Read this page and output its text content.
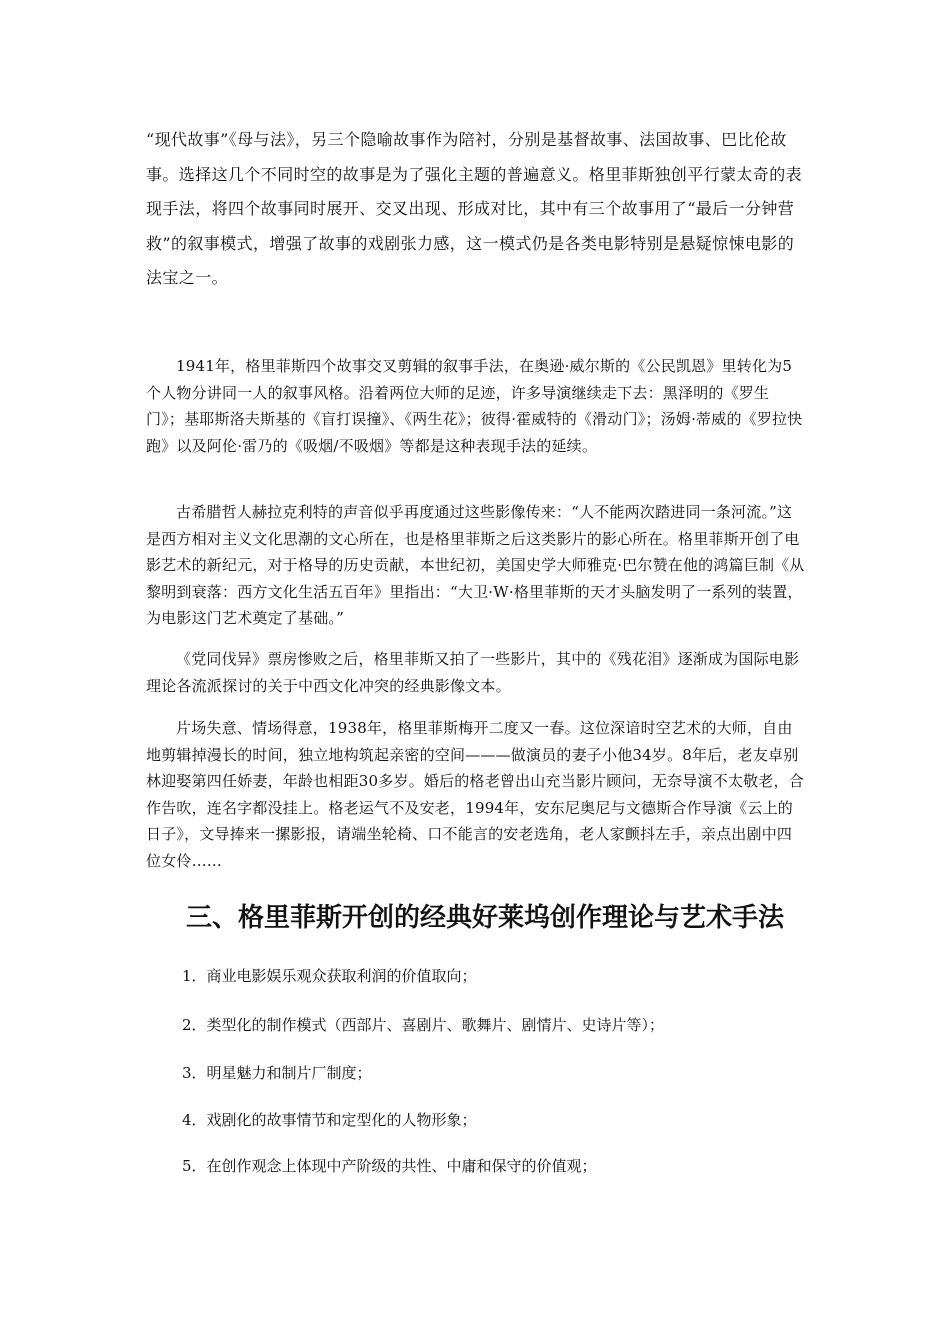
“现代故事”《母与法》，另三个隐喻故事作为陪衬，分别是基督故事、法国故事、巴比伦故事。选择这几个不同时空的故事是为了强化主题的普遍意义。格里菲斯独创平行蒙太奇的表现手法，将四个故事同时展开、交叉出现、形成对比，其中有三个故事用了“最后一分钟营救”的叙事模式，增强了故事的戏剧张力感，这一模式仍是各类电影特别是悬疑惊悚电影的法宝之一。

1941年，格里菲斯四个故事交叉剪辑的叙事手法，在奥逊·威尔斯的《公民凯恩》里转化为5个人物分讲同一人的叙事风格。沿着两位大师的足迹，许多导演继续走下去：黑泽明的《罗生门》；基耶斯洛夫斯基的《盲打误撞》、《两生花》；彼得·霍威特的《滑动门》；汤姆·蒂威的《罗拉快跑》以及阿伦·雷乃的《吸烟/不吸烟》等都是这种表现手法的延续。

古希腊哲人赫拉克利特的声音似乎再度通过这些影像传来：“人不能两次踏进同一条河流。”这是西方相对主义文化思潮的文心所在，也是格里菲斯之后这类影片的影心所在。格里菲斯开创了电影艺术的新纪元，对于格导的历史贡献，本世纪初，美国史学大师雅克·巴尔赞在他的鸿篇巨制《从黎明到衰落：西方文化生活五百年》里指出：“大卫·W·格里菲斯的天才头脑发明了一系列的装置，为电影这门艺术奠定了基础。”

《党同伐异》票房惨败之后，格里菲斯又拍了一些影片，其中的《残花泪》逐渐成为国际电影理论各流派探讨的关于中西文化冲突的经典影像文本。

片场失意、情场得意，1938年，格里菲斯梅开二度又一春。这位深谙时空艺术的大师，自由地剪辑掉漫长的时间，独立地构筑起亲密的空间———做演员的妻子小他34岁。8年后，老友卓别林迎娶第四任娇妻，年龄也相距30多岁。婚后的格老曾出山充当影片顾问，无奈导演不太敬老，合作告吹，连名字都没挂上。格老运气不及安老，1994年，安东尼奥尼与文德斯合作导演《云上的日子》，文导捧来一摞影报，请端坐轮椅、口不能言的安老选角，老人家颤抖左手，亲点出剧中四位女伶……

三、格里菲斯开创的经典好莱坞创作理论与艺术手法

1．商业电影娱乐观众获取利润的价值取向；

2．类型化的制作模式（西部片、喜剧片、歌舞片、剧情片、史诗片等）；

3．明星魅力和制片厂制度；

4．戏剧化的故事情节和定型化的人物形象；

5．在创作观念上体现中产阶级的共性、中庸和保守的价值观；
